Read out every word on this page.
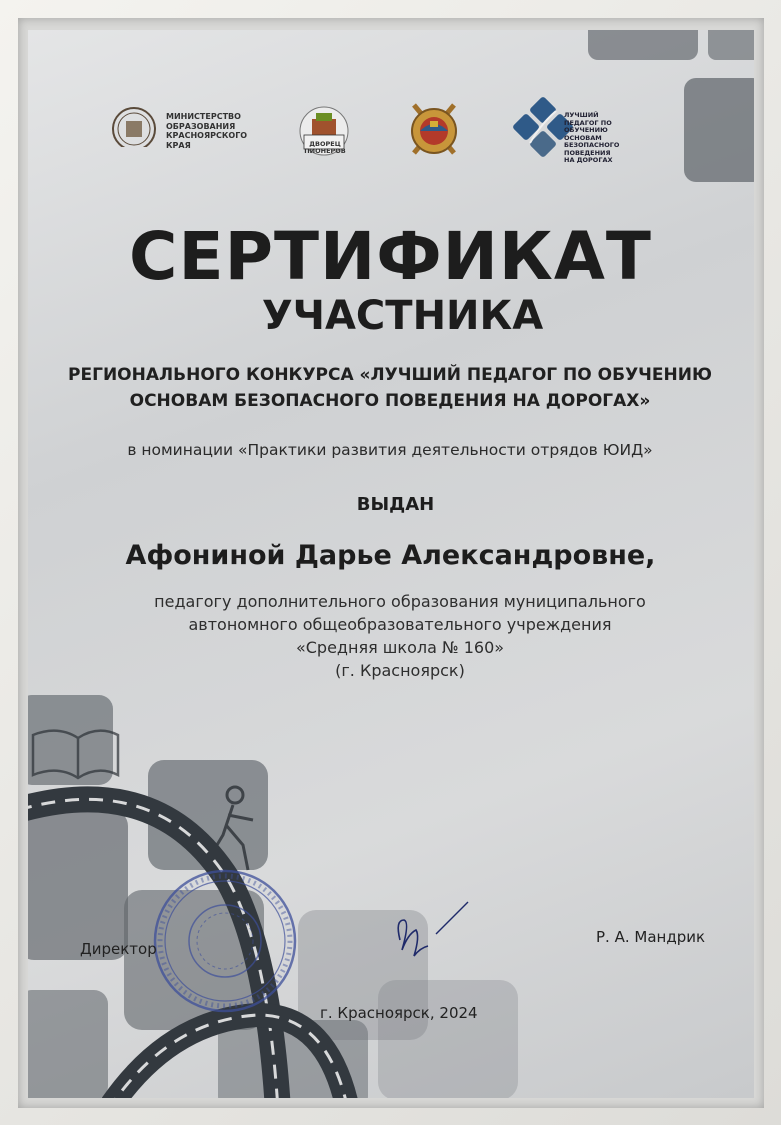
МИНИСТЕРСТВО
ОБРАЗОВАНИЯ
КРАСНОЯРСКОГО
КРАЯ	ДВОРЕЦ ПИОНЕРОВ
ЛУЧШИЙ ПЕДАГОГ ПО ОБУЧЕНИЮ
ОСНОВАМ БЕЗОПАСНОГО ПОВЕДЕНИЯ
НА ДОРОГАХ
СЕРТИФИКАТ
УЧАСТНИКА
РЕГИОНАЛЬНОГО КОНКУРСА «ЛУЧШИЙ ПЕДАГОГ ПО ОБУЧЕНИЮ
ОСНОВАМ БЕЗОПАСНОГО ПОВЕДЕНИЯ НА ДОРОГАХ»
в номинации «Практики развития деятельности отрядов ЮИД»
ВЫДАН
Афониной Дарье Александровне,
педагогу дополнительного образования муниципального
автономного общеобразовательного учреждения
«Средняя школа № 160»
(г. Красноярск)
Директор
Р. А. Мандрик
г. Красноярск, 2024
